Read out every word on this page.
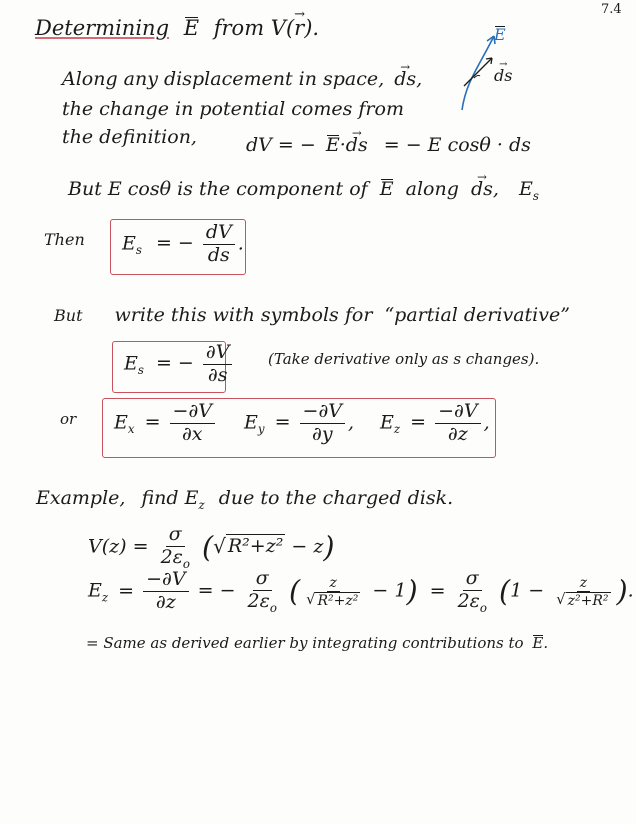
7.4
Determining E from V(→ r).	E
→ ds
Along any displacement in space, → ds,
the change in potential comes from
the definition,	dV = − E·→ ds = − E cosθ · ds
But E cosθ is the component of E along → ds, $E_s$
Then $E_s$ = − $\frac{dV}{ds}$ .
But write this with symbols for “partial derivative”
$E_s$ = − $\frac{\partial V}{\partial s}$ (Take derivative only as s changes).
or $E_x = \frac{-\partial V}{\partial x} E_y = \frac{-\partial V}{\partial y}$ , $E_z = \frac{-\partial V}{\partial z}$ ,
Example, find $E_z$ due to the charged disk.
$V(z) = \frac{\sigma}{2\varepsilon_o}$ ( √ R²+z² − z)
$E_z = \frac{-\partial V}{\partial z}$ = − $\frac{\sigma}{2\varepsilon_o}$ ( $\frac{z}{\text{√ R²+z²}} - 1) = \frac{\sigma}{2\varepsilon_o} (1 - \frac{z}{\text{√ z²+R²}}$ ).
= Same as derived earlier by integrating contributions to E.
